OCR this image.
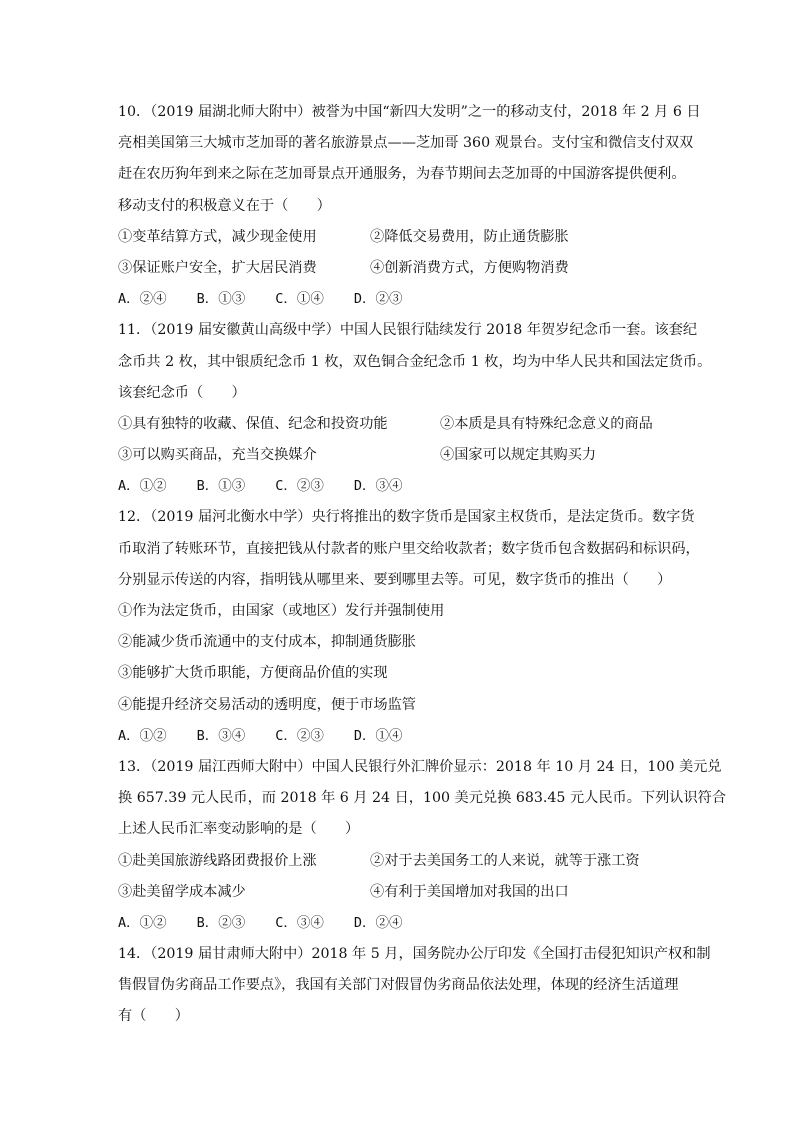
10．（2019 届湖北师大附中）被誉为中国“新四大发明”之一的移动支付，2018 年 2 月 6 日
亮相美国第三大城市芝加哥的著名旅游景点——芝加哥 360 观景台。支付宝和微信支付双双
赶在农历狗年到来之际在芝加哥景点开通服务，为春节期间去芝加哥的中国游客提供便利。
移动支付的积极意义在于（　　）
①变革结算方式，减少现金使用	②降低交易费用，防止通货膨胀
③保证账户安全，扩大居民消费	④创新消费方式，方便购物消费
A．②④ B．①③ C．①④ D．②③
11．（2019 届安徽黄山高级中学）中国人民银行陆续发行 2018 年贺岁纪念币一套。该套纪
念币共 2 枚，其中银质纪念币 1 枚，双色铜合金纪念币 1 枚，均为中华人民共和国法定货币。
该套纪念币（　　）
①具有独特的收藏、保值、纪念和投资功能	②本质是具有特殊纪念意义的商品
③可以购买商品，充当交换媒介	④国家可以规定其购买力
A．①② B．①③ C．②③ D．③④
12．（2019 届河北衡水中学）央行将推出的数字货币是国家主权货币，是法定货币。数字货
币取消了转账环节，直接把钱从付款者的账户里交给收款者；数字货币包含数据码和标识码，
分别显示传送的内容，指明钱从哪里来、要到哪里去等。可见，数字货币的推出（　　）
①作为法定货币，由国家（或地区）发行并强制使用
②能减少货币流通中的支付成本，抑制通货膨胀
③能够扩大货币职能，方便商品价值的实现
④能提升经济交易活动的透明度，便于市场监管
A．①② B．③④ C．②③ D．①④
13．（2019 届江西师大附中）中国人民银行外汇牌价显示：2018 年 10 月 24 日，100 美元兑
换 657.39 元人民币，而 2018 年 6 月 24 日，100 美元兑换 683.45 元人民币。下列认识符合
上述人民币汇率变动影响的是（　　）
①赴美国旅游线路团费报价上涨	②对于去美国务工的人来说，就等于涨工资
③赴美留学成本减少	④有利于美国增加对我国的出口
A．①② B．②③ C．③④ D．②④
14．（2019 届甘肃师大附中）2018 年 5 月，国务院办公厅印发《全国打击侵犯知识产权和制
售假冒伪劣商品工作要点》，我国有关部门对假冒伪劣商品依法处理，体现的经济生活道理
有（　　）
